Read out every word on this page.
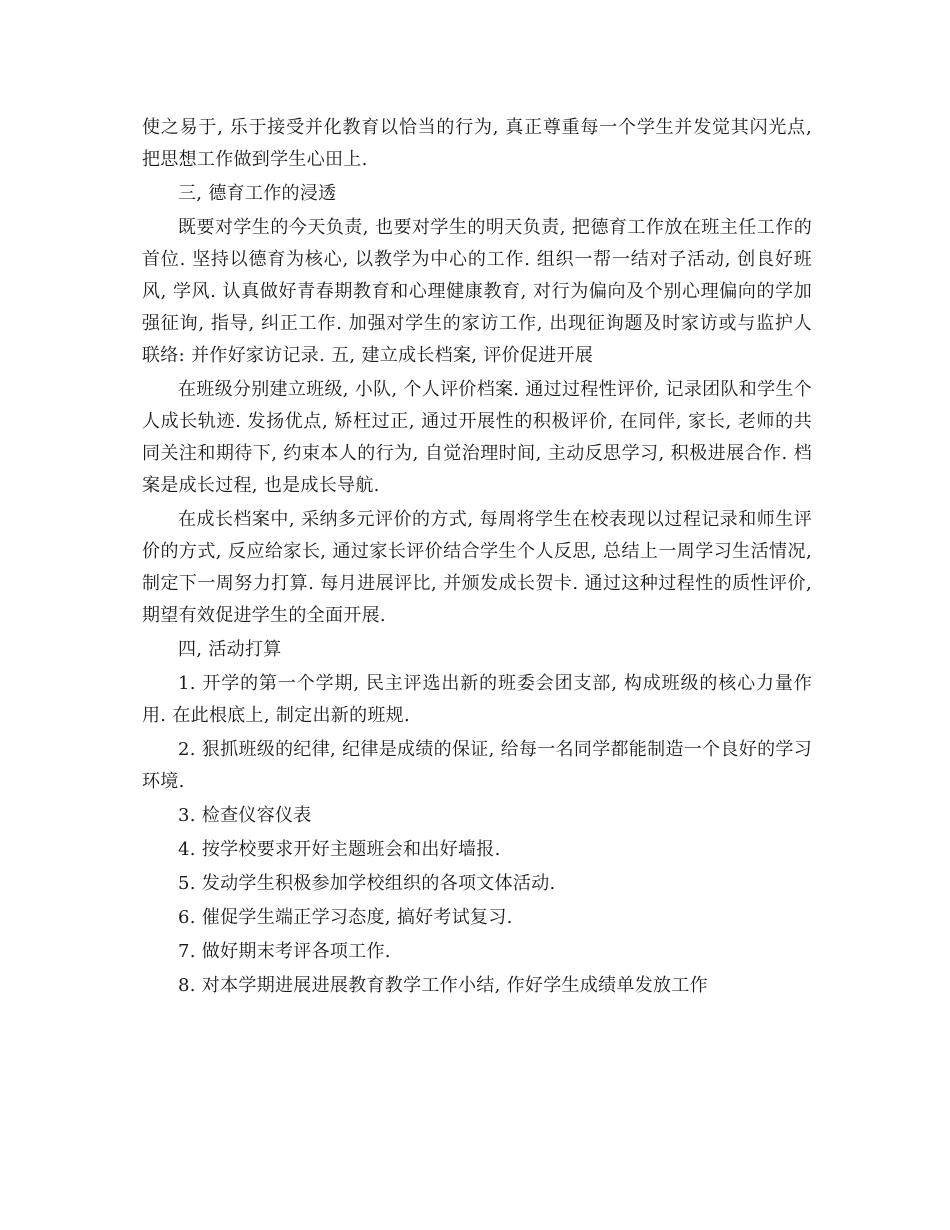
使之易于, 乐于接受并化教育以恰当的行为, 真正尊重每一个学生并发觉其闪光点, 把思想工作做到学生心田上.

三, 德育工作的浸透

既要对学生的今天负责, 也要对学生的明天负责, 把德育工作放在班主任工作的首位. 坚持以德育为核心, 以教学为中心的工作. 组织一帮一结对子活动, 创良好班风, 学风. 认真做好青春期教育和心理健康教育, 对行为偏向及个别心理偏向的学加强征询, 指导, 纠正工作. 加强对学生的家访工作, 出现征询题及时家访或与监护人联络: 并作好家访记录. 五, 建立成长档案, 评价促进开展

在班级分别建立班级, 小队, 个人评价档案. 通过过程性评价, 记录团队和学生个人成长轨迹. 发扬优点, 矫枉过正, 通过开展性的积极评价, 在同伴, 家长, 老师的共同关注和期待下, 约束本人的行为, 自觉治理时间, 主动反思学习, 积极进展合作. 档案是成长过程, 也是成长导航.

在成长档案中, 采纳多元评价的方式, 每周将学生在校表现以过程记录和师生评价的方式, 反应给家长, 通过家长评价结合学生个人反思, 总结上一周学习生活情况, 制定下一周努力打算. 每月进展评比, 并颁发成长贺卡. 通过这种过程性的质性评价, 期望有效促进学生的全面开展.

四, 活动打算

1. 开学的第一个学期, 民主评选出新的班委会团支部, 构成班级的核心力量作用. 在此根底上, 制定出新的班规.

2. 狠抓班级的纪律, 纪律是成绩的保证, 给每一名同学都能制造一个良好的学习环境.

3. 检查仪容仪表

4. 按学校要求开好主题班会和出好墙报.

5. 发动学生积极参加学校组织的各项文体活动.

6. 催促学生端正学习态度, 搞好考试复习.

7. 做好期末考评各项工作.

8. 对本学期进展进展教育教学工作小结, 作好学生成绩单发放工作
